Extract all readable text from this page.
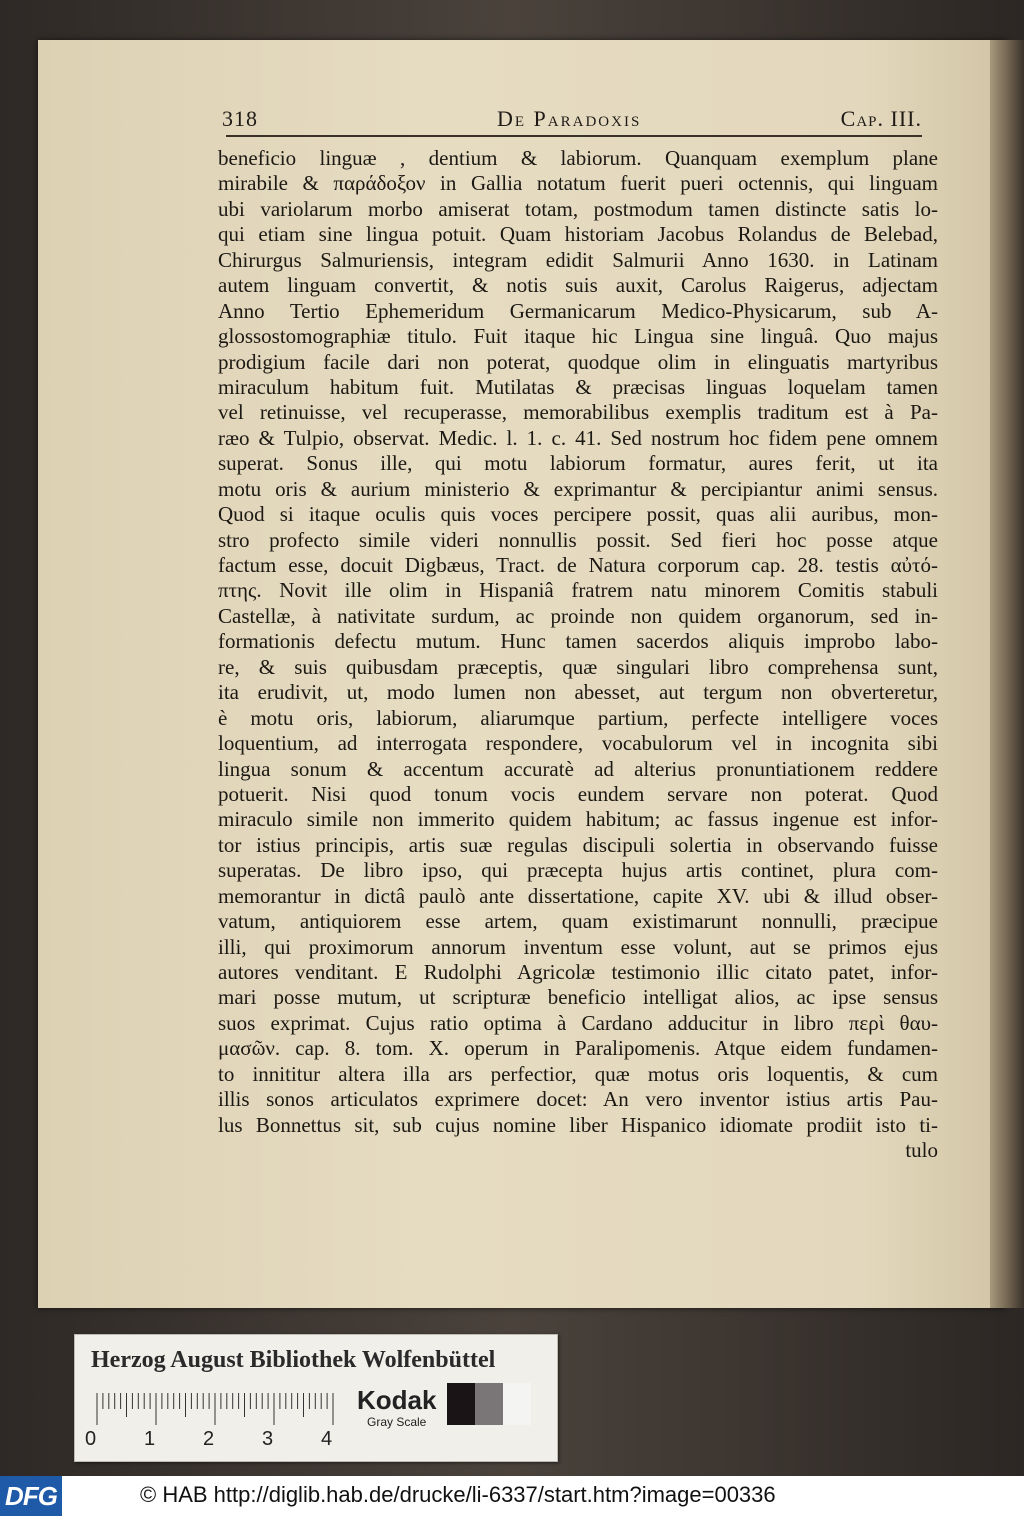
318	De Paradoxis	Cap. III.
beneficio linguæ , dentium & labiorum. Quanquam exemplum plane
mirabile & παράδοξον in Gallia notatum fuerit pueri octennis, qui linguam
ubi variolarum morbo amiserat totam, postmodum tamen distincte satis lo-
qui etiam sine lingua potuit. Quam historiam Jacobus Rolandus de Belebad,
Chirurgus Salmuriensis, integram edidit Salmurii Anno 1630. in Latinam
autem linguam convertit, & notis suis auxit, Carolus Raigerus, adjectam
Anno Tertio Ephemeridum Germanicarum Medico-Physicarum, sub A-
glossostomographiæ titulo. Fuit itaque hic Lingua sine linguâ. Quo majus
prodigium facile dari non poterat, quodque olim in elinguatis martyribus
miraculum habitum fuit. Mutilatas & præcisas linguas loquelam tamen
vel retinuisse, vel recuperasse, memorabilibus exemplis traditum est à Pa-
ræo & Tulpio, observat. Medic. l. 1. c. 41. Sed nostrum hoc fidem pene omnem
superat. Sonus ille, qui motu labiorum formatur, aures ferit, ut ita
motu oris & aurium ministerio & exprimantur & percipiantur animi sensus.
Quod si itaque oculis quis voces percipere possit, quas alii auribus, mon-
stro profecto simile videri nonnullis possit. Sed fieri hoc posse atque
factum esse, docuit Digbæus, Tract. de Natura corporum cap. 28. testis αὐτό-
πτης. Novit ille olim in Hispaniâ fratrem natu minorem Comitis stabuli
Castellæ, à nativitate surdum, ac proinde non quidem organorum, sed in-
formationis defectu mutum. Hunc tamen sacerdos aliquis improbo labo-
re, & suis quibusdam præceptis, quæ singulari libro comprehensa sunt,
ita erudivit, ut, modo lumen non abesset, aut tergum non obverteretur,
è motu oris, labiorum, aliarumque partium, perfecte intelligere voces
loquentium, ad interrogata respondere, vocabulorum vel in incognita sibi
lingua sonum & accentum accuratè ad alterius pronuntiationem reddere
potuerit. Nisi quod tonum vocis eundem servare non poterat. Quod
miraculo simile non immerito quidem habitum; ac fassus ingenue est infor-
tor istius principis, artis suæ regulas discipuli solertia in observando fuisse
superatas. De libro ipso, qui præcepta hujus artis continet, plura com-
memorantur in dictâ paulò ante dissertatione, capite XV. ubi & illud obser-
vatum, antiquiorem esse artem, quam existimarunt nonnulli, præcipue
illi, qui proximorum annorum inventum esse volunt, aut se primos ejus
autores venditant. E Rudolphi Agricolæ testimonio illic citato patet, infor-
mari posse mutum, ut scripturæ beneficio intelligat alios, ac ipse sensus
suos exprimat. Cujus ratio optima à Cardano adducitur in libro περὶ θαυ-
μασῶν. cap. 8. tom. X. operum in Paralipomenis. Atque eidem fundamen-
to innititur altera illa ars perfectior, quæ motus oris loquentis, & cum
illis sonos articulatos exprimere docet: An vero inventor istius artis Pau-
lus Bonnettus sit, sub cujus nomine liber Hispanico idiomate prodiit isto ti-
tulo
Herzog August Bibliothek Wolfenbüttel
0 1 2 3 4
Kodak
Gray Scale
DFG	© HAB http://diglib.hab.de/drucke/li-6337/start.htm?image=00336
